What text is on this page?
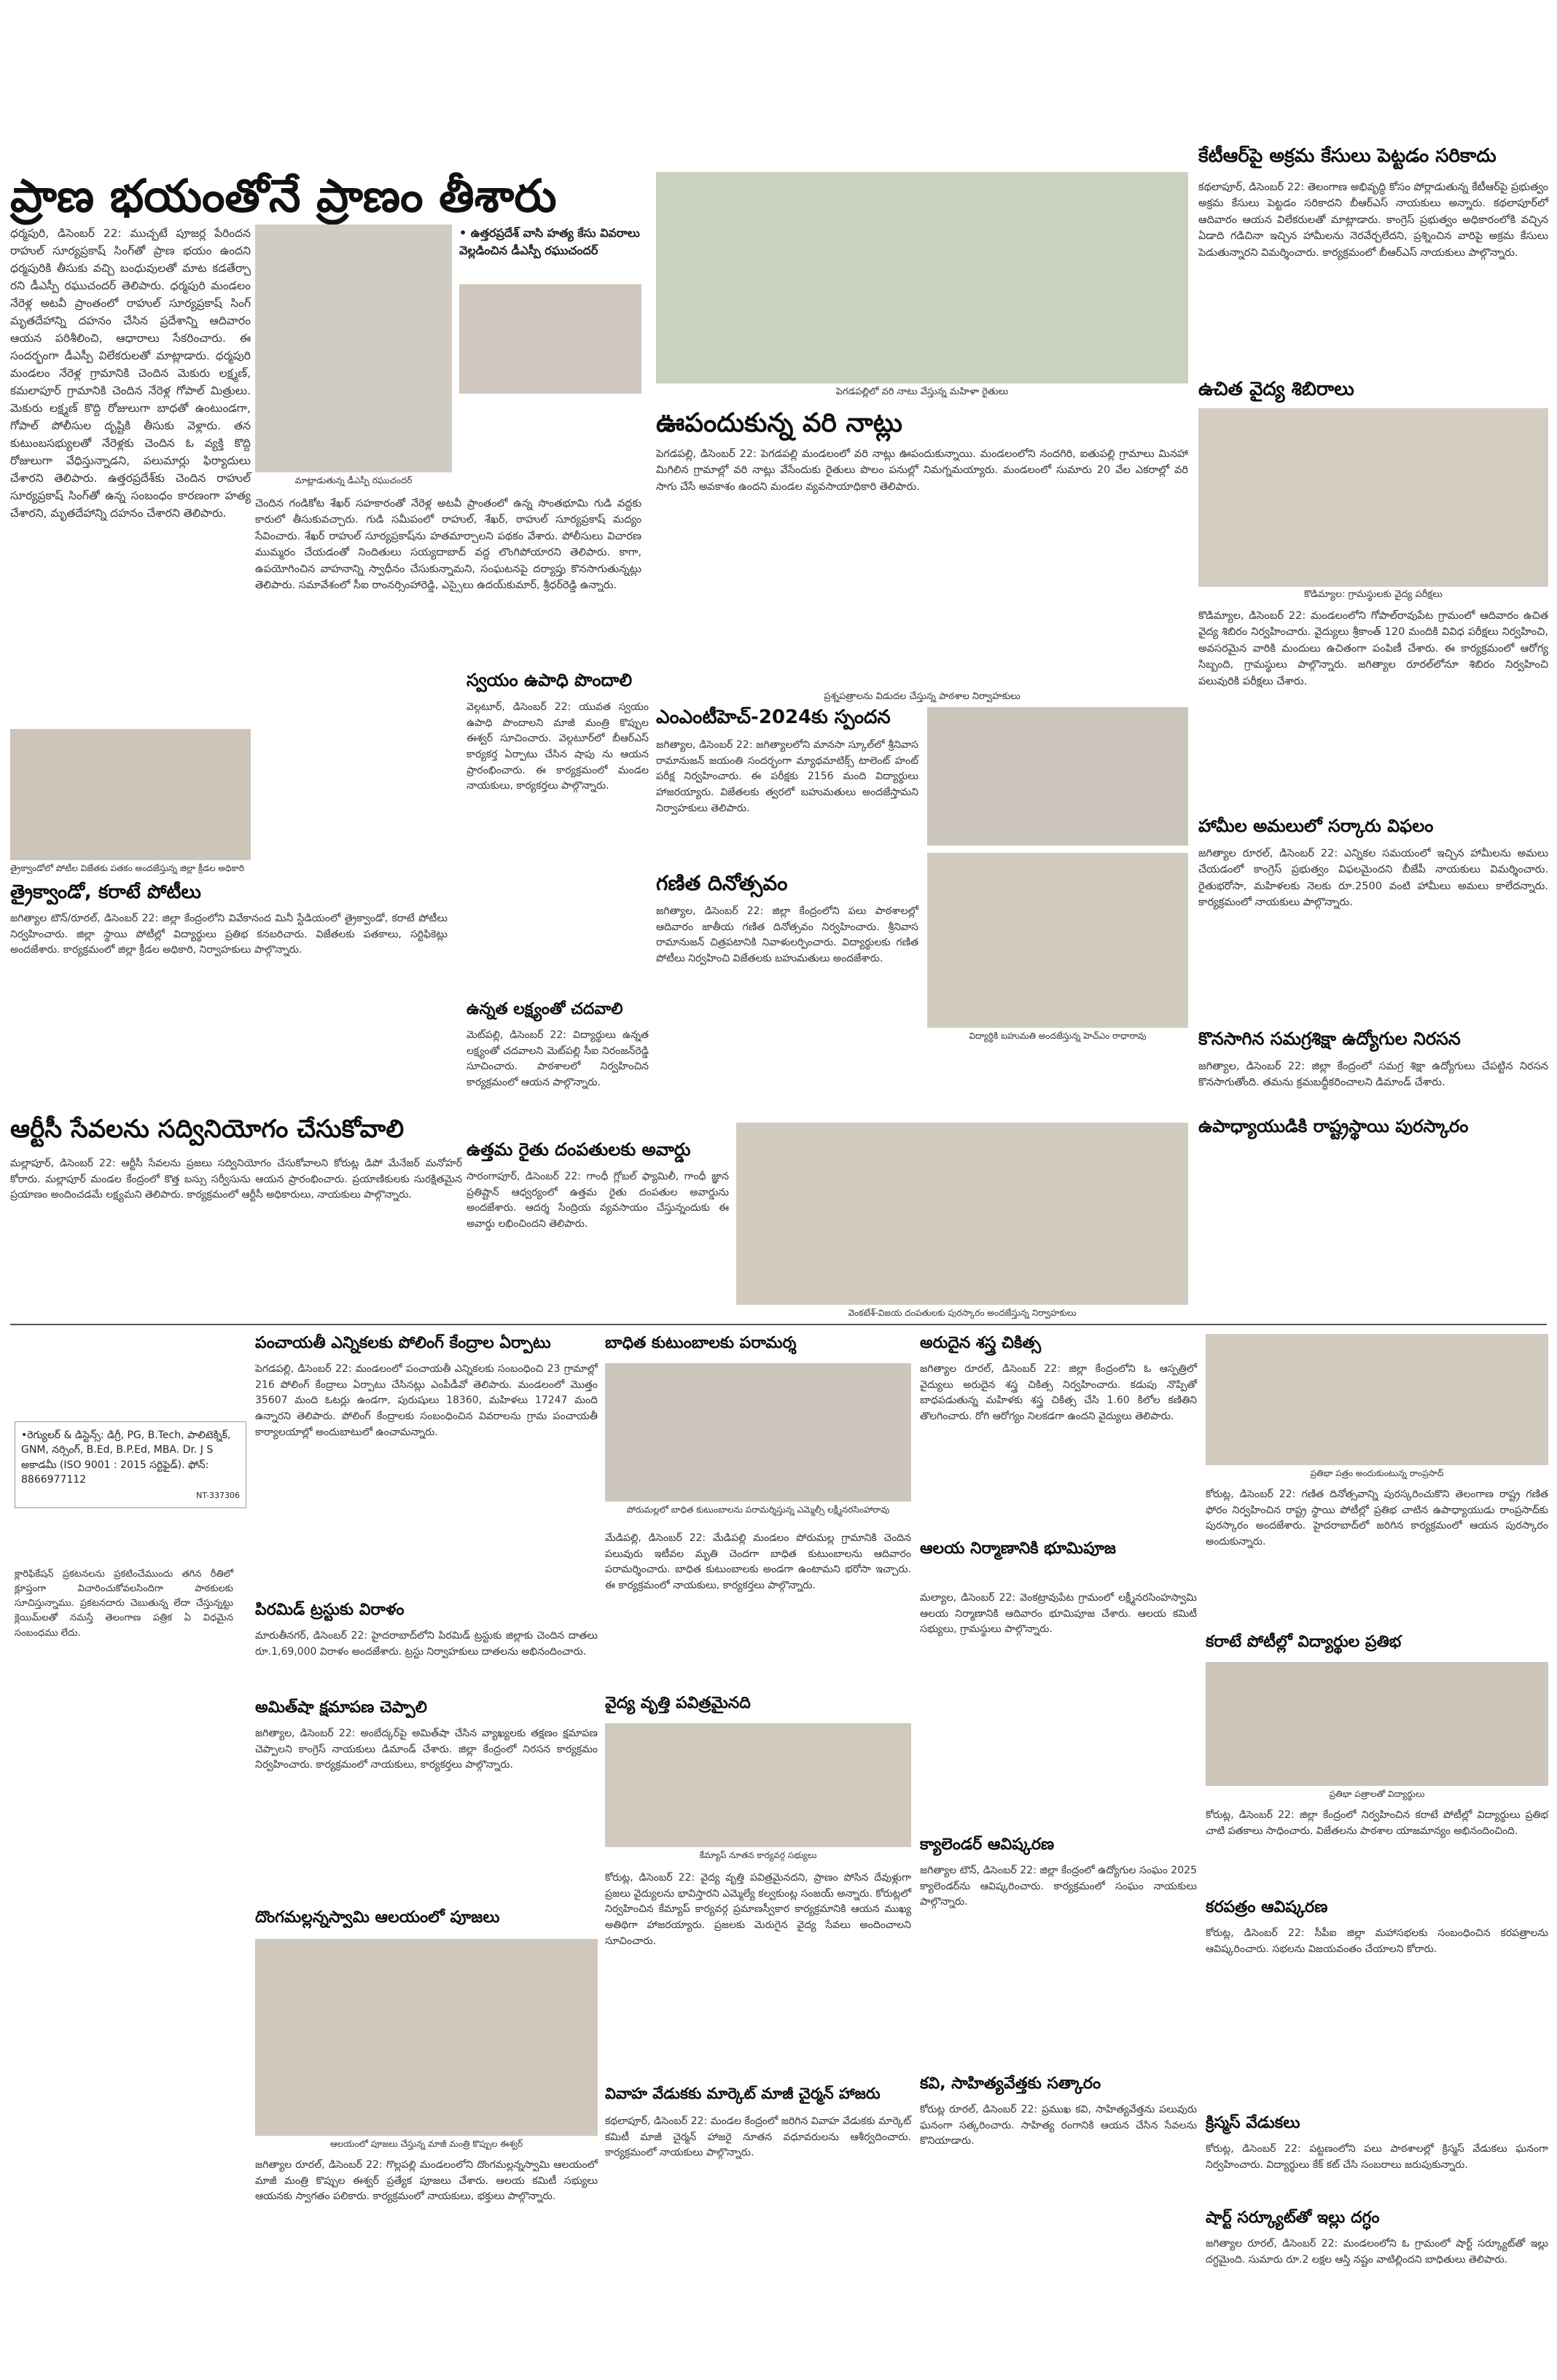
ప్రాణ భయంతోనే ప్రాణం తీశారు
ధర్మపురి, డిసెంబర్ 22: ముచ్చటే పూజర్ల పేరిందన రాహుల్ సూర్యప్రకాష్ సింగ్‌తో ప్రాణ భయం ఉందని ధర్మపురికి తీసుకు వచ్చి బంధువులతో మాట కడతేర్చా రని డీఎస్పీ రఘుచందర్ తెలిపారు. ధర్మపురి మండలం నేరెళ్ల అటవీ ప్రాంతంలో రాహుల్ సూర్యప్రకాష్ సింగ్ మృతదేహాన్ని దహనం చేసిన ప్రదేశాన్ని ఆదివారం ఆయన పరిశీలించి, ఆధారాలు సేకరించారు. ఈ సందర్భంగా డీఎస్పీ విలేకరులతో మాట్లాడారు. ధర్మపురి మండలం నేరెళ్ల గ్రామానికి చెందిన మెకురు లక్ష్మణ్, కమలాపూర్ గ్రామానికి చెందిన నేరెళ్ల గోపాల్ మిత్రులు. మెకురు లక్ష్మణ్ కొద్ది రోజులుగా బాధతో ఉంటుండగా, గోపాల్ పోలీసుల దృష్టికి తీసుకు వెళ్లారు. తన కుటుంబసభ్యులతో నేరెళ్లకు చెందిన ఓ వ్యక్తి కొద్ది రోజులుగా వేధిస్తున్నాడని, పలుమార్లు ఫిర్యాదులు చేశారని తెలిపారు. ఉత్తరప్రదేశ్‌కు చెందిన రాహుల్ సూర్యప్రకాష్ సింగ్‌తో ఉన్న సంబంధం కారణంగా హత్య చేశారని, మృతదేహాన్ని దహనం చేశారని తెలిపారు.
మాట్లాడుతున్న డీఎస్పీ రఘుచందర్
• ఉత్తరప్రదేశ్ వాసి హత్య కేసు వివరాలు వెల్లడించిన డీఎస్పీ రఘుచందర్
చెందిన గండికోట శేఖర్ సహకారంతో నేరెళ్ల అటవీ ప్రాంతంలో ఉన్న సొంతభూమి గుడి వద్దకు కారులో తీసుకువచ్చారు. గుడి సమీపంలో రాహుల్, శేఖర్, రాహుల్ సూర్యప్రకాష్ మద్యం సేవించారు. శేఖర్ రాహుల్ సూర్యప్రకాష్‌ను హతమార్చాలని పథకం వేశారు. పోలీసులు విచారణ ముమ్మరం చేయడంతో నిందితులు సయ్యదాబాద్ వద్ద లొంగిపోయారని తెలిపారు. కాగా, ఉపయోగించిన వాహనాన్ని స్వాధీనం చేసుకున్నామని, సంఘటనపై దర్యాప్తు కొనసాగుతున్నట్లు తెలిపారు. సమావేశంలో సీఐ రాంనర్సింహారెడ్డి, ఎస్సైలు ఉదయ్‌కుమార్, శ్రీధర్‌రెడ్డి ఉన్నారు.
పెగడపల్లిలో వరి నాటు వేస్తున్న మహిళా రైతులు
ఊపందుకున్న వరి నాట్లు
పెగడపల్లి, డిసెంబర్ 22: పెగడపల్లి మండలంలో వరి నాట్లు ఊపందుకున్నాయి. మండలంలోని నందగిరి, ఐతుపల్లి గ్రామాలు మినహా మిగిలిన గ్రామాల్లో వరి నాట్లు వేసేందుకు రైతులు పొలం పనుల్లో నిమగ్నమయ్యారు. మండలంలో సుమారు 20 వేల ఎకరాల్లో వరి సాగు చేసే అవకాశం ఉందని మండల వ్యవసాయాధికారి తెలిపారు.
కేటీఆర్‌పై అక్రమ కేసులు పెట్టడం సరికాదు
కథలాపూర్, డిసెంబర్ 22: తెలంగాణ అభివృద్ధి కోసం పోర్లాడుతున్న కేటీఆర్‌పై ప్రభుత్వం అక్రమ కేసులు పెట్టడం సరికాదని బీఆర్ఎస్ నాయకులు అన్నారు. కథలాపూర్‌లో ఆదివారం ఆయన విలేకరులతో మాట్లాడారు. కాంగ్రెస్ ప్రభుత్వం అధికారంలోకి వచ్చిన ఏడాది గడిచినా ఇచ్చిన హామీలను నెరవేర్చలేదని, ప్రశ్నించిన వారిపై అక్రమ కేసులు పెడుతున్నారని విమర్శించారు. కార్యక్రమంలో బీఆర్ఎస్ నాయకులు పాల్గొన్నారు.
ఉచిత వైద్య శిబిరాలు
కొడిమ్యాల: గ్రామస్థులకు వైద్య పరీక్షలు
కొడిమ్యాల, డిసెంబర్ 22: మండలంలోని గోపాల్‌రావుపేట గ్రామంలో ఆదివారం ఉచిత వైద్య శిబిరం నిర్వహించారు. వైద్యులు శ్రీకాంత్ 120 మందికి వివిధ పరీక్షలు నిర్వహించి, అవసరమైన వారికి మందులు ఉచితంగా పంపిణీ చేశారు. ఈ కార్యక్రమంలో ఆరోగ్య సిబ్బంది, గ్రామస్థులు పాల్గొన్నారు. జగిత్యాల రూరల్‌లోనూ శిబిరం నిర్వహించి పలువురికి పరీక్షలు చేశారు.
హామీల అమలులో సర్కారు విఫలం
జగిత్యాల రూరల్, డిసెంబర్ 22: ఎన్నికల సమయంలో ఇచ్చిన హామీలను అమలు చేయడంలో కాంగ్రెస్ ప్రభుత్వం విఫలమైందని బీజేపీ నాయకులు విమర్శించారు. రైతుభరోసా, మహిళలకు నెలకు రూ.2500 వంటి హామీలు అమలు కాలేదన్నారు. కార్యక్రమంలో నాయకులు పాల్గొన్నారు.
కొనసాగిన సమగ్రశిక్షా ఉద్యోగుల నిరసన
జగిత్యాల, డిసెంబర్ 22: జిల్లా కేంద్రంలో సమగ్ర శిక్షా ఉద్యోగులు చేపట్టిన నిరసన కొనసాగుతోంది. తమను క్రమబద్ధీకరించాలని డిమాండ్ చేశారు.
ఉపాధ్యాయుడికి రాష్ట్రస్థాయి పురస్కారం
స్వయం ఉపాధి పొందాలి
వెల్గటూర్, డిసెంబర్ 22: యువత స్వయం ఉపాధి పొందాలని మాజీ మంత్రి కొప్పుల ఈశ్వర్ సూచించారు. వెల్గటూర్‌లో బీఆర్ఎస్ కార్యకర్త ఏర్పాటు చేసిన షాపు ను ఆయన ప్రారంభించారు. ఈ కార్యక్రమంలో మండల నాయకులు, కార్యకర్తలు పాల్గొన్నారు.
ప్రశ్నపత్రాలను విడుదల చేస్తున్న పాఠశాల నిర్వాహకులు
ఎంఎంటీహెచ్-2024కు స్పందన
జగిత్యాల, డిసెంబర్ 22: జగిత్యాలలోని మానసా స్కూల్‌లో శ్రీనివాస రామానుజన్ జయంతి సందర్భంగా మ్యాథమాటిక్స్ టాలెంట్ హంట్ పరీక్ష నిర్వహించారు. ఈ పరీక్షకు 2156 మంది విద్యార్థులు హాజరయ్యారు. విజేతలకు త్వరలో బహుమతులు అందజేస్తామని నిర్వాహకులు తెలిపారు.
గణిత దినోత్సవం
జగిత్యాల, డిసెంబర్ 22: జిల్లా కేంద్రంలోని పలు పాఠశాలల్లో ఆదివారం జాతీయ గణిత దినోత్సవం నిర్వహించారు. శ్రీనివాస రామానుజన్ చిత్రపటానికి నివాళులర్పించారు. విద్యార్థులకు గణిత పోటీలు నిర్వహించి విజేతలకు బహుమతులు అందజేశారు.
విద్యార్థికి బహుమతి అందజేస్తున్న హెచ్‌ఎం రాధారావు
త్రైక్వాండోలో పోటీల విజేతకు పతకం అందజేస్తున్న జిల్లా క్రీడల అధికారి
త్రైక్వాండో, కరాటే పోటీలు
జగిత్యాల టౌన్/రూరల్, డిసెంబర్ 22: జిల్లా కేంద్రంలోని వివేకానంద మినీ స్టేడియంలో త్రైక్వాండో, కరాటే పోటీలు నిర్వహించారు. జిల్లా స్థాయి పోటీల్లో విద్యార్థులు ప్రతిభ కనబరిచారు. విజేతలకు పతకాలు, సర్టిఫికెట్లు అందజేశారు. కార్యక్రమంలో జిల్లా క్రీడల అధికారి, నిర్వాహకులు పాల్గొన్నారు.
ఉన్నత లక్ష్యంతో చదవాలి
మెట్‌పల్లి, డిసెంబర్ 22: విద్యార్థులు ఉన్నత లక్ష్యంతో చదవాలని మెట్‌పల్లి సీఐ నిరంజన్‌రెడ్డి సూచించారు. పాఠశాలలో నిర్వహించిన కార్యక్రమంలో ఆయన పాల్గొన్నారు.
ఆర్టీసీ సేవలను సద్వినియోగం చేసుకోవాలి
మల్లాపూర్, డిసెంబర్ 22: ఆర్టీసీ సేవలను ప్రజలు సద్వినియోగం చేసుకోవాలని కోరుట్ల డిపో మేనేజర్ మనోహర్ కోరారు. మల్లాపూర్ మండల కేంద్రంలో కొత్త బస్సు సర్వీసును ఆయన ప్రారంభించారు. ప్రయాణికులకు సురక్షితమైన ప్రయాణం అందించడమే లక్ష్యమని తెలిపారు. కార్యక్రమంలో ఆర్టీసీ అధికారులు, నాయకులు పాల్గొన్నారు.
ఉత్తమ రైతు దంపతులకు అవార్డు
సారంగాపూర్, డిసెంబర్ 22: గాంధీ గ్లోబల్ ఫ్యామిలీ, గాంధీ జ్ఞాన ప్రతిష్టాన్ ఆధ్వర్యంలో ఉత్తమ రైతు దంపతుల అవార్డును అందజేశారు. ఆదర్శ సేంద్రియ వ్యవసాయం చేస్తున్నందుకు ఈ అవార్డు లభించిందని తెలిపారు.
వెంకటేశ్-విజయ దంపతులకు పురస్కారం అందజేస్తున్న నిర్వాహకులు
పంచాయతీ ఎన్నికలకు పోలింగ్ కేంద్రాల ఏర్పాటు
పెగడపల్లి, డిసెంబర్ 22: మండలంలో పంచాయతీ ఎన్నికలకు సంబంధించి 23 గ్రామాల్లో 216 పోలింగ్ కేంద్రాలు ఏర్పాటు చేసినట్లు ఎంపీడీవో తెలిపారు. మండలంలో మొత్తం 35607 మంది ఓటర్లు ఉండగా, పురుషులు 18360, మహిళలు 17247 మంది ఉన్నారని తెలిపారు. పోలింగ్ కేంద్రాలకు సంబంధించిన వివరాలను గ్రామ పంచాయతీ కార్యాలయాల్లో అందుబాటులో ఉంచామన్నారు.
పిరమిడ్ ట్రస్టుకు విరాళం
మారుతీనగర్, డిసెంబర్ 22: హైదరాబాద్‌లోని పిరమిడ్ ట్రస్టుకు జిల్లాకు చెందిన దాతలు రూ.1,69,000 విరాళం అందజేశారు. ట్రస్టు నిర్వాహకులు దాతలను అభినందించారు.
అమిత్‌షా క్షమాపణ చెప్పాలి
జగిత్యాల, డిసెంబర్ 22: అంబేద్కర్‌పై అమిత్‌షా చేసిన వ్యాఖ్యలకు తక్షణం క్షమాపణ చెప్పాలని కాంగ్రెస్ నాయకులు డిమాండ్ చేశారు. జిల్లా కేంద్రంలో నిరసన కార్యక్రమం నిర్వహించారు. కార్యక్రమంలో నాయకులు, కార్యకర్తలు పాల్గొన్నారు.
దొంగమల్లన్నస్వామి ఆలయంలో పూజలు
•రెగ్యులర్ & డిస్టెన్స్: డిగ్రీ, PG, B.Tech, పాలిటెక్నిక్, GNM, నర్సింగ్, B.Ed, B.P.Ed, MBA. Dr. J S అకాడమీ (ISO 9001 : 2015 సర్టిఫైడ్). ఫోన్: 8866977112
NT-337306
క్లారిఫికేషన్ ప్రకటనలను ప్రకటించేముందు తగిన రీతిలో క్లూప్తంగా విచారించుకోవలసిందిగా పాఠకులకు సూచిస్తున్నాము. ప్రకటనదారు చెబుతున్న లేదా చేస్తున్నట్టు క్లెయిమ్‌లతో నమస్తే తెలంగాణ పత్రిక ఏ విధమైన సంబంధము లేదు.
బాధిత కుటుంబాలకు పరామర్శ
పోరుమల్లలో బాధిత కుటుంబాలను పరామర్శిస్తున్న ఎమ్మెల్సీ లక్ష్మీనరసింహారావు
మేడిపల్లి, డిసెంబర్ 22: మేడిపల్లి మండలం పోరుమల్ల గ్రామానికి చెందిన పలువురు ఇటీవల మృతి చెందగా బాధిత కుటుంబాలను ఆదివారం పరామర్శించారు. బాధిత కుటుంబాలకు అండగా ఉంటామని భరోసా ఇచ్చారు. ఈ కార్యక్రమంలో నాయకులు, కార్యకర్తలు పాల్గొన్నారు.
వైద్య వృత్తి పవిత్రమైనది
కేమ్యాప్ నూతన కార్యవర్గ సభ్యులు
కోరుట్ల, డిసెంబర్ 22: వైద్య వృత్తి పవిత్రమైనదని, ప్రాణం పోసిన దేవుళ్లుగా ప్రజలు వైద్యులను భావిస్తారని ఎమ్మెల్యే కల్వకుంట్ల సంజయ్ అన్నారు. కోరుట్లలో నిర్వహించిన కేమ్యాప్ కార్యవర్గ ప్రమాణస్వీకార కార్యక్రమానికి ఆయన ముఖ్య అతిథిగా హాజరయ్యారు. ప్రజలకు మెరుగైన వైద్య సేవలు అందించాలని సూచించారు.
వివాహ వేడుకకు మార్కెట్ మాజీ చైర్మన్ హాజరు
కథలాపూర్, డిసెంబర్ 22: మండల కేంద్రంలో జరిగిన వివాహ వేడుకకు మార్కెట్ కమిటీ మాజీ చైర్మన్ హాజరై నూతన వధూవరులను ఆశీర్వదించారు. కార్యక్రమంలో నాయకులు పాల్గొన్నారు.
అరుదైన శస్త్ర చికిత్స
జగిత్యాల రూరల్, డిసెంబర్ 22: జిల్లా కేంద్రంలోని ఓ ఆస్పత్రిలో వైద్యులు అరుదైన శస్త్ర చికిత్స నిర్వహించారు. కడుపు నొప్పితో బాధపడుతున్న మహిళకు శస్త్ర చికిత్స చేసి 1.60 కిలోల కణితిని తొలగించారు. రోగి ఆరోగ్యం నిలకడగా ఉందని వైద్యులు తెలిపారు.
ఆలయ నిర్మాణానికి భూమిపూజ
మల్యాల, డిసెంబర్ 22: వెంకట్రావుపేట గ్రామంలో లక్ష్మీనరసింహస్వామి ఆలయ నిర్మాణానికి ఆదివారం భూమిపూజ చేశారు. ఆలయ కమిటీ సభ్యులు, గ్రామస్థులు పాల్గొన్నారు.
క్యాలెండర్ ఆవిష్కరణ
జగిత్యాల టౌన్, డిసెంబర్ 22: జిల్లా కేంద్రంలో ఉద్యోగుల సంఘం 2025 క్యాలెండర్‌ను ఆవిష్కరించారు. కార్యక్రమంలో సంఘం నాయకులు పాల్గొన్నారు.
కవి, సాహిత్యవేత్తకు సత్కారం
కోరుట్ల రూరల్, డిసెంబర్ 22: ప్రముఖ కవి, సాహిత్యవేత్తను పలువురు ఘనంగా సత్కరించారు. సాహిత్య రంగానికి ఆయన చేసిన సేవలను కొనియాడారు.
ప్రతిభా పత్రం అందుకుంటున్న రాంప్రసాద్
కోరుట్ల, డిసెంబర్ 22: గణిత దినోత్సవాన్ని పురస్కరించుకొని తెలంగాణ రాష్ట్ర గణిత ఫోరం నిర్వహించిన రాష్ట్ర స్థాయి పోటీల్లో ప్రతిభ చాటిన ఉపాధ్యాయుడు రాంప్రసాద్‌కు పురస్కారం అందజేశారు. హైదరాబాద్‌లో జరిగిన కార్యక్రమంలో ఆయన పురస్కారం అందుకున్నారు.
కరాటే పోటీల్లో విద్యార్థుల ప్రతిభ
ప్రతిభా పత్రాలతో విద్యార్థులు
కోరుట్ల, డిసెంబర్ 22: జిల్లా కేంద్రంలో నిర్వహించిన కరాటే పోటీల్లో విద్యార్థులు ప్రతిభ చాటి పతకాలు సాధించారు. విజేతలను పాఠశాల యాజమాన్యం అభినందించింది.
కరపత్రం ఆవిష్కరణ
కోరుట్ల, డిసెంబర్ 22: సీపీఐ జిల్లా మహాసభలకు సంబంధించిన కరపత్రాలను ఆవిష్కరించారు. సభలను విజయవంతం చేయాలని కోరారు.
క్రిస్మస్ వేడుకలు
కోరుట్ల, డిసెంబర్ 22: పట్టణంలోని పలు పాఠశాలల్లో క్రిస్మస్ వేడుకలు ఘనంగా నిర్వహించారు. విద్యార్థులు కేక్ కట్ చేసి సంబరాలు జరుపుకున్నారు.
షార్ట్ సర్క్యూట్‌తో ఇల్లు దగ్ధం
జగిత్యాల రూరల్, డిసెంబర్ 22: మండలంలోని ఓ గ్రామంలో షార్ట్ సర్క్యూట్‌తో ఇల్లు దగ్ధమైంది. సుమారు రూ.2 లక్షల ఆస్తి నష్టం వాటిల్లిందని బాధితులు తెలిపారు.
ఆలయంలో పూజలు చేస్తున్న మాజీ మంత్రి కొప్పుల ఈశ్వర్
జగిత్యాల రూరల్, డిసెంబర్ 22: గొల్లపల్లి మండలంలోని దొంగమల్లన్నస్వామి ఆలయంలో మాజీ మంత్రి కొప్పుల ఈశ్వర్ ప్రత్యేక పూజలు చేశారు. ఆలయ కమిటీ సభ్యులు ఆయనకు స్వాగతం పలికారు. కార్యక్రమంలో నాయకులు, భక్తులు పాల్గొన్నారు.
